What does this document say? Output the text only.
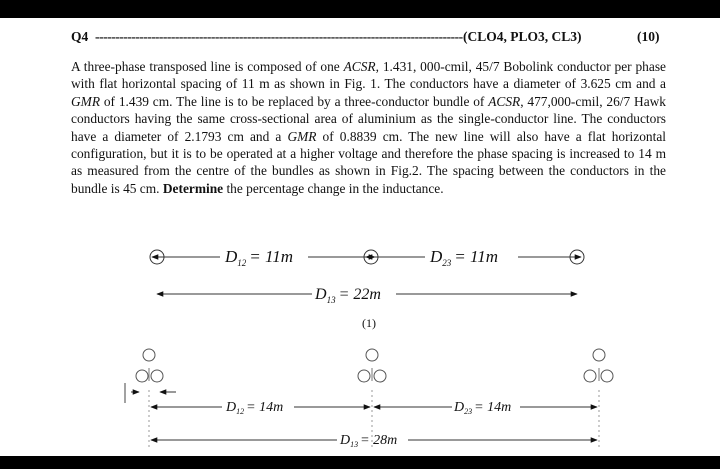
Q4 -------------------------------------------------------------------------------------------- (CLO4, PLO3, CL3)	(10)
A three-phase transposed line is composed of one ACSR, 1.431, 000-cmil, 45/7 Bobolink conductor per phase with flat horizontal spacing of 11 m as shown in Fig. 1. The conductors have a diameter of 3.625 cm and a GMR of 1.439 cm. The line is to be replaced by a three-conductor bundle of ACSR, 477,000-cmil, 26/7 Hawk conductors having the same cross-sectional area of aluminium as the single-conductor line. The conductors have a diameter of 2.1793 cm and a GMR of 0.8839 cm. The new line will also have a flat horizontal configuration, but it is to be operated at a higher voltage and therefore the phase spacing is increased to 14 m as measured from the centre of the bundles as shown in Fig.2. The spacing between the conductors in the bundle is 45 cm. Determine the percentage change in the inductance.
$D_{12} = 11m$	$D_{23} = 11m$
$D_{13} = 22m$
(1)
$D_{12} = 14m$	$D_{23} = 14m$
$D_{13} = 28m$
